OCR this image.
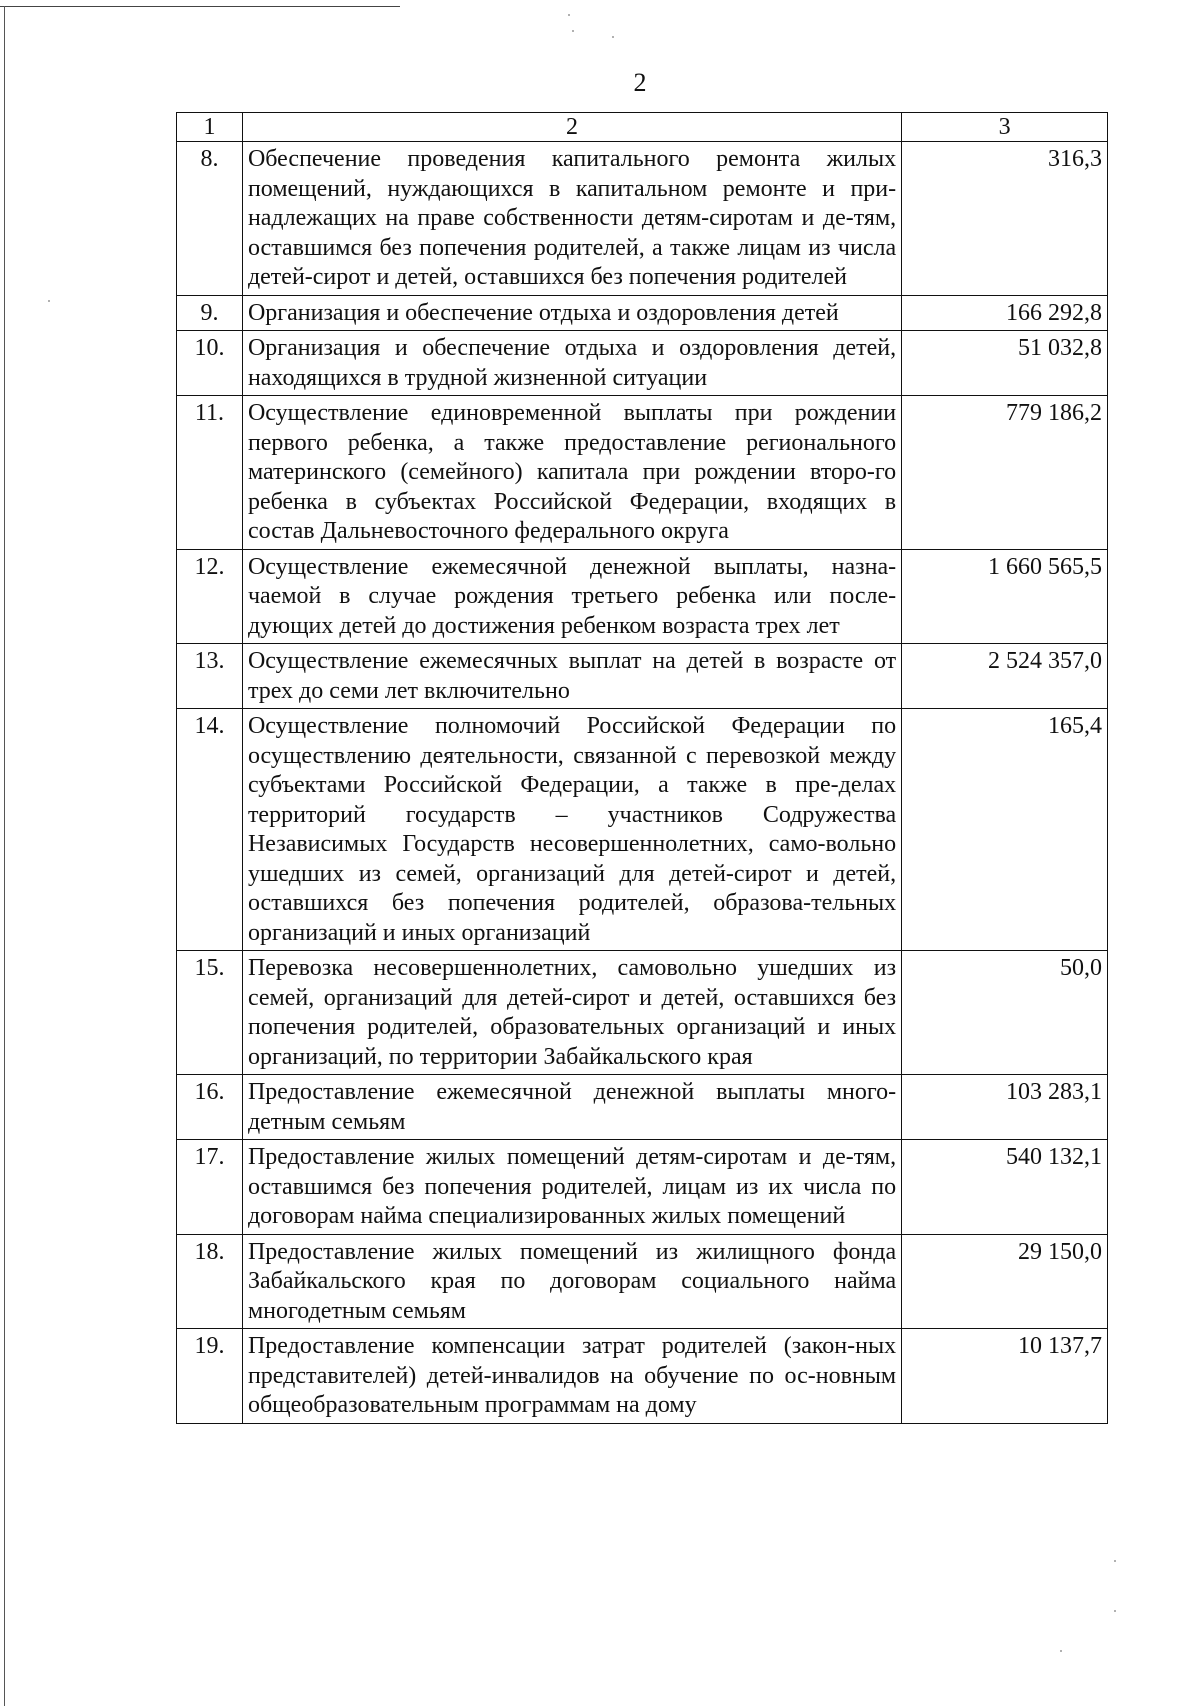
2
1	2	3
8.	Обеспечение проведения капитального ремонта жилых помещений, нуждающихся в капитальном ремонте и при-надлежащих на праве собственности детям-сиротам и де-тям, оставшимся без попечения родителей, а также лицам из числа детей-сирот и детей, оставшихся без попечения родителей	316,3
9.	Организация и обеспечение отдыха и оздоровления детей	166 292,8
10.	Организация и обеспечение отдыха и оздоровления детей, находящихся в трудной жизненной ситуации	51 032,8
11.	Осуществление единовременной выплаты при рождении первого ребенка, а также предоставление регионального материнского (семейного) капитала при рождении второ-го ребенка в субъектах Российской Федерации, входящих в состав Дальневосточного федерального округа	779 186,2
12.	Осуществление ежемесячной денежной выплаты, назна-чаемой в случае рождения третьего ребенка или после-дующих детей до достижения ребенком возраста трех лет	1 660 565,5
13.	Осуществление ежемесячных выплат на детей в возрасте от трех до семи лет включительно	2 524 357,0
14.	Осуществление полномочий Российской Федерации по осуществлению деятельности, связанной с перевозкой между субъектами Российской Федерации, а также в пре-делах территорий государств – участников Содружества Независимых Государств несовершеннолетних, само-вольно ушедших из семей, организаций для детей-сирот и детей, оставшихся без попечения родителей, образова-тельных организаций и иных организаций	165,4
15.	Перевозка несовершеннолетних, самовольно ушедших из семей, организаций для детей-сирот и детей, оставшихся без попечения родителей, образовательных организаций и иных организаций, по территории Забайкальского края	50,0
16.	Предоставление ежемесячной денежной выплаты много-детным семьям	103 283,1
17.	Предоставление жилых помещений детям-сиротам и де-тям, оставшимся без попечения родителей, лицам из их числа по договорам найма специализированных жилых помещений	540 132,1
18.	Предоставление жилых помещений из жилищного фонда Забайкальского края по договорам социального найма многодетным семьям	29 150,0
19.	Предоставление компенсации затрат родителей (закон-ных представителей) детей-инвалидов на обучение по ос-новным общеобразовательным программам на дому	10 137,7
